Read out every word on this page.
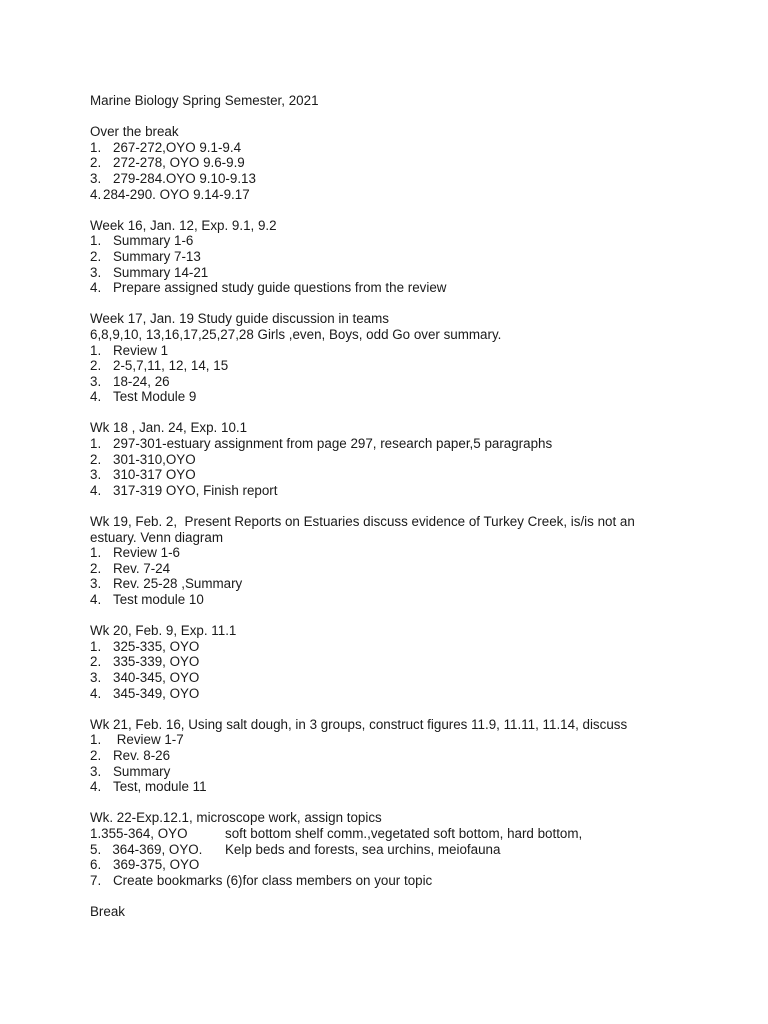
Marine Biology Spring Semester, 2021
Over the break
1. 267-272,OYO 9.1-9.4
2. 272-278, OYO 9.6-9.9
3. 279-284.OYO 9.10-9.13
4. 284-290. OYO 9.14-9.17
Week 16, Jan. 12, Exp. 9.1, 9.2
1. Summary 1-6
2. Summary 7-13
3. Summary 14-21
4. Prepare assigned study guide questions from the review
Week 17, Jan. 19 Study guide discussion in teams
6,8,9,10, 13,16,17,25,27,28 Girls ,even, Boys, odd Go over summary.
1. Review 1
2. 2-5,7,11, 12, 14, 15
3. 18-24, 26
4. Test Module 9
Wk 18 , Jan. 24, Exp. 10.1
1. 297-301-estuary assignment from page 297, research paper,5 paragraphs
2. 301-310,OYO
3. 310-317 OYO
4. 317-319 OYO, Finish report
Wk 19, Feb. 2,  Present Reports on Estuaries discuss evidence of Turkey Creek, is/is not an
estuary. Venn diagram
1. Review 1-6
2. Rev. 7-24
3. Rev. 25-28 ,Summary
4. Test module 10
Wk 20, Feb. 9, Exp. 11.1
1. 325-335, OYO
2. 335-339, OYO
3. 340-345, OYO
4. 345-349, OYO
Wk 21, Feb. 16, Using salt dough, in 3 groups, construct figures 11.9, 11.11, 11.14, discuss
1. Review 1-7
2. Rev. 8-26
3. Summary
4. Test, module 11
Wk. 22-Exp.12.1, microscope work, assign topics
1.355-364, OYO	soft bottom shelf comm.,vegetated soft bottom, hard bottom,
5.   364-369, OYO.	Kelp beds and forests, sea urchins, meiofauna
6. 369-375, OYO
7. Create bookmarks (6)for class members on your topic
Break
